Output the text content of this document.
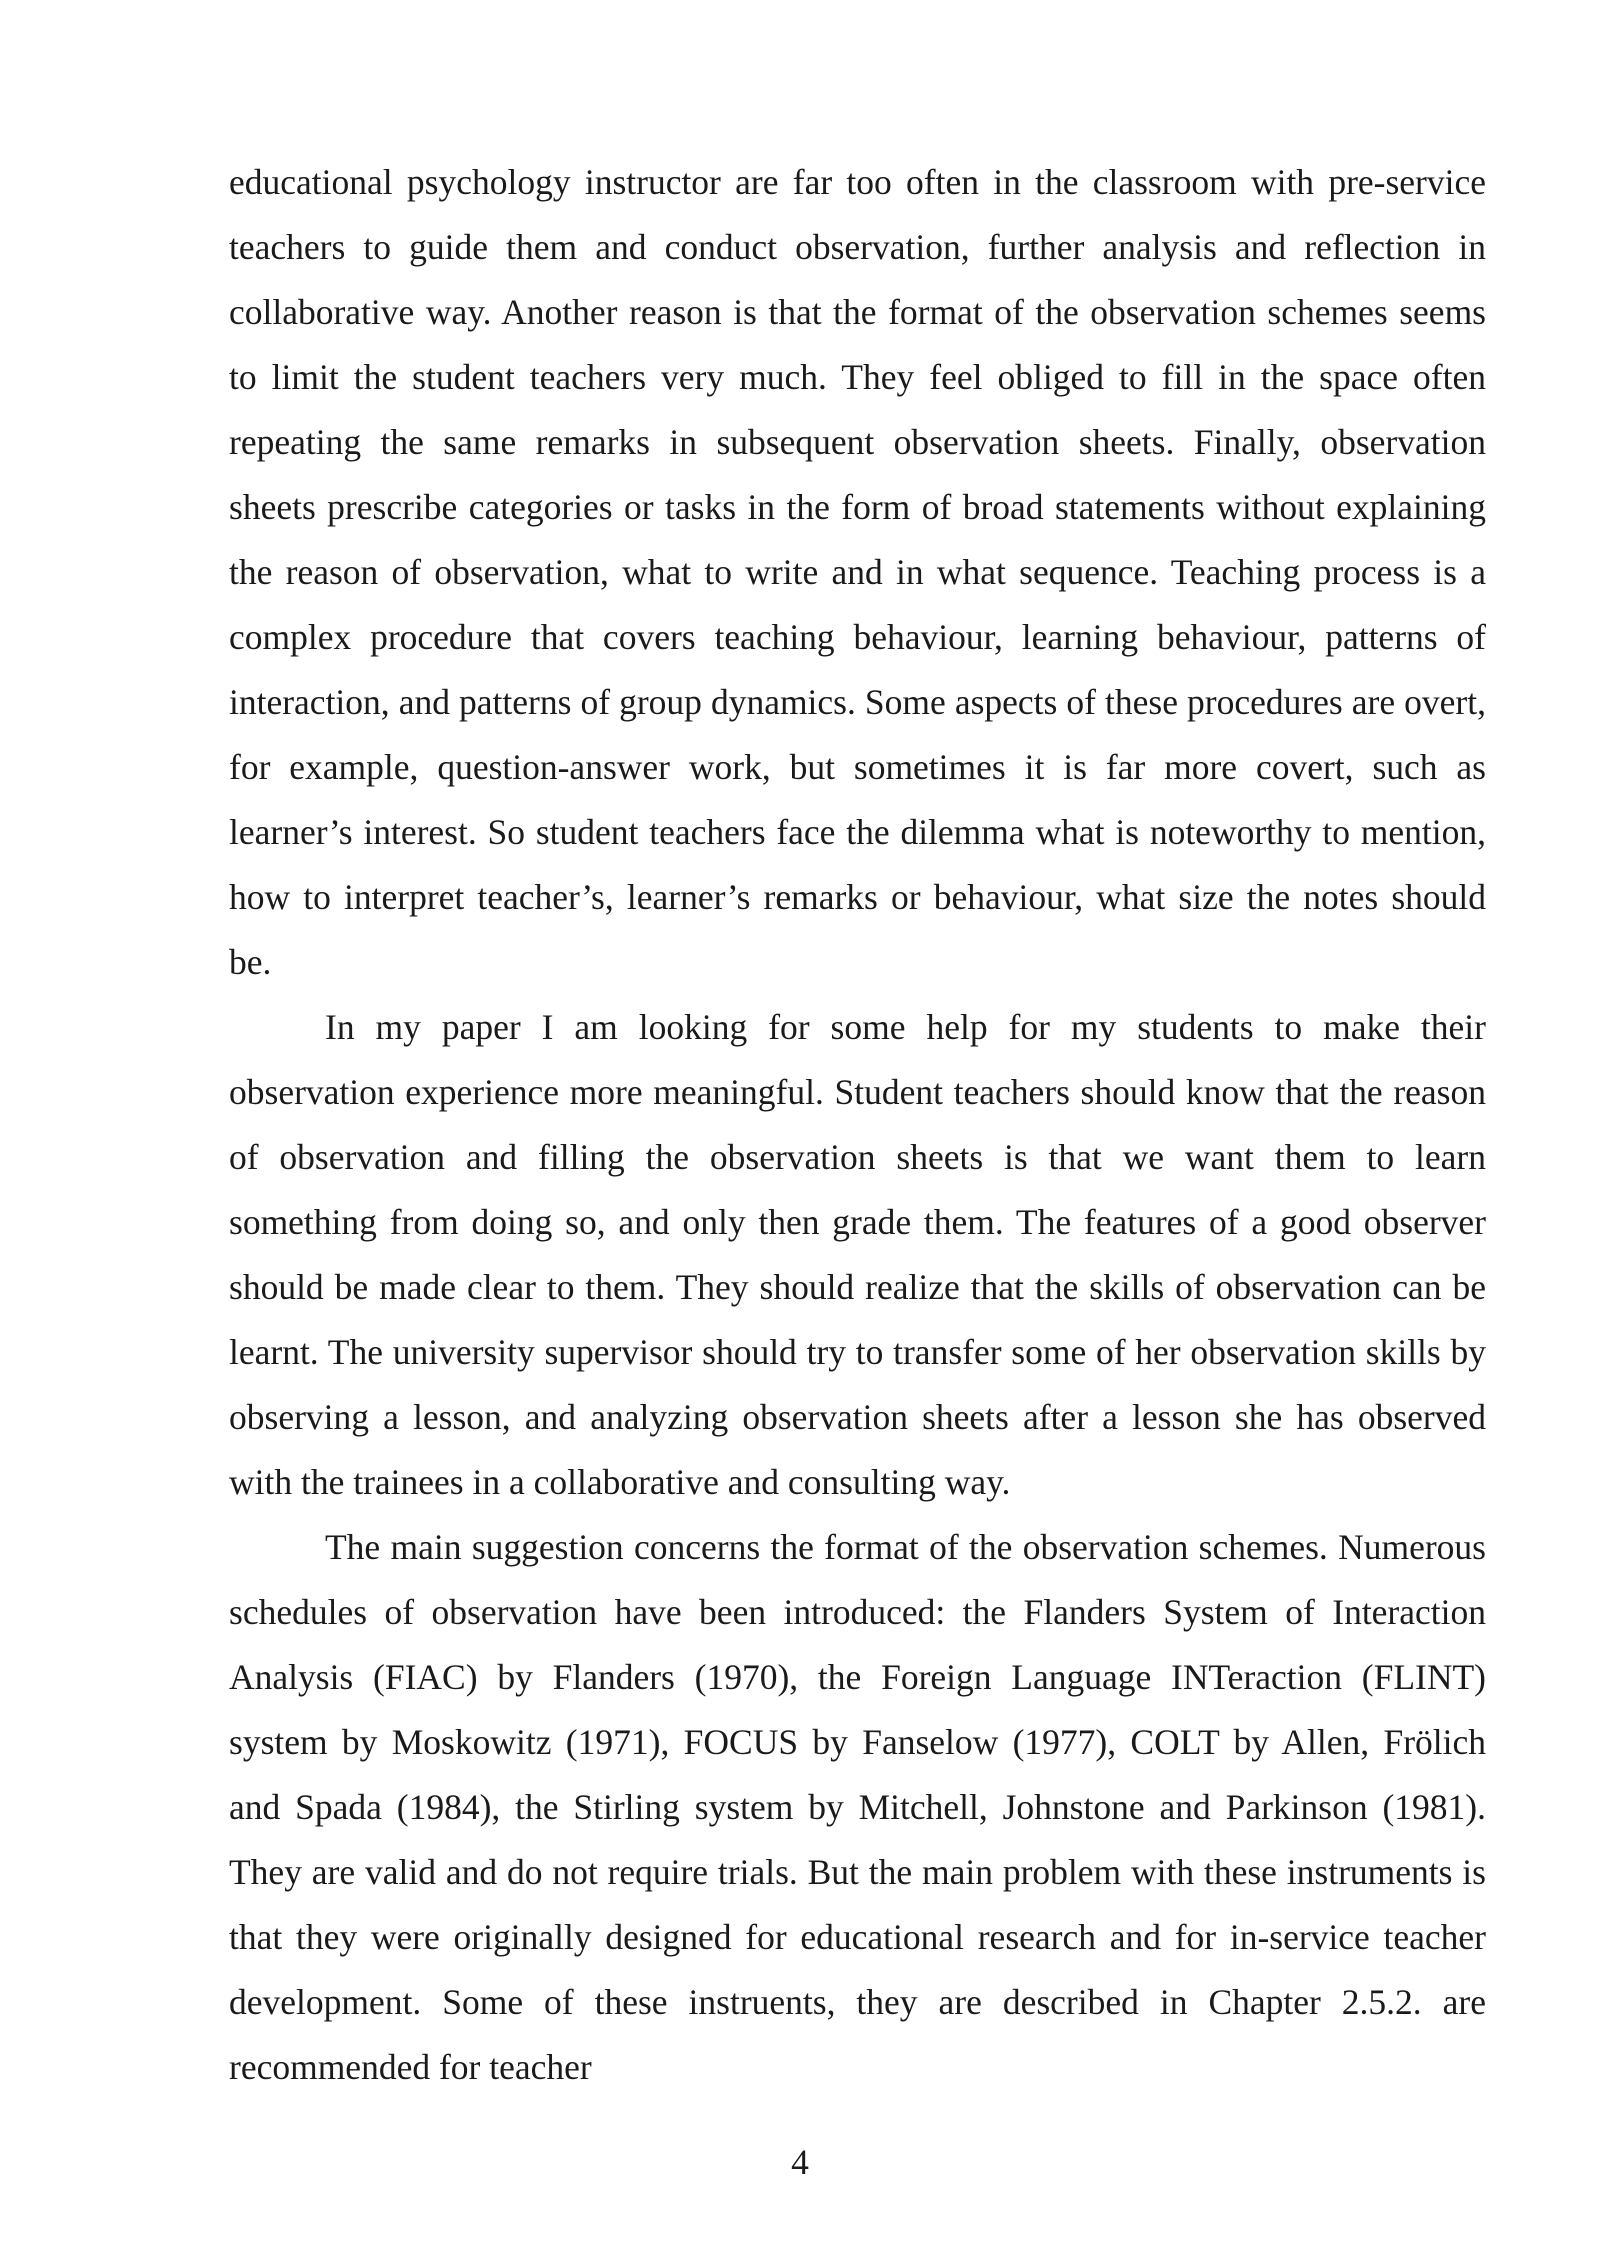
educational psychology instructor are far too often in the classroom with pre-service teachers to guide them and conduct observation, further analysis and reflection in collaborative way. Another reason is that the format of the observation schemes seems to limit the student teachers very much. They feel obliged to fill in the space often repeating the same remarks in subsequent observation sheets. Finally, observation sheets prescribe categories or tasks in the form of broad statements without explaining the reason of observation, what to write and in what sequence. Teaching process is a complex procedure that covers teaching behaviour, learning behaviour, patterns of interaction, and patterns of group dynamics. Some aspects of these procedures are overt, for example, question-answer work, but sometimes it is far more covert, such as learner’s interest. So student teachers face the dilemma what is noteworthy to mention, how to interpret teacher’s, learner’s remarks or behaviour, what size the notes should be.

In my paper I am looking for some help for my students to make their observation experience more meaningful. Student teachers should know that the reason of observation and filling the observation sheets is that we want them to learn something from doing so, and only then grade them. The features of a good observer should be made clear to them. They should realize that the skills of observation can be learnt. The university supervisor should try to transfer some of her observation skills by observing a lesson, and analyzing observation sheets after a lesson she has observed with the trainees in a collaborative and consulting way.

The main suggestion concerns the format of the observation schemes. Numerous schedules of observation have been introduced: the Flanders System of Interaction Analysis (FIAC) by Flanders (1970), the Foreign Language INTeraction (FLINT) system by Moskowitz (1971), FOCUS by Fanselow (1977), COLT by Allen, Frölich and Spada (1984), the Stirling system by Mitchell, Johnstone and Parkinson (1981). They are valid and do not require trials. But the main problem with these instruments is that they were originally designed for educational research and for in-service teacher development. Some of these instruents, they are described in Chapter 2.5.2. are recommended for teacher

4
